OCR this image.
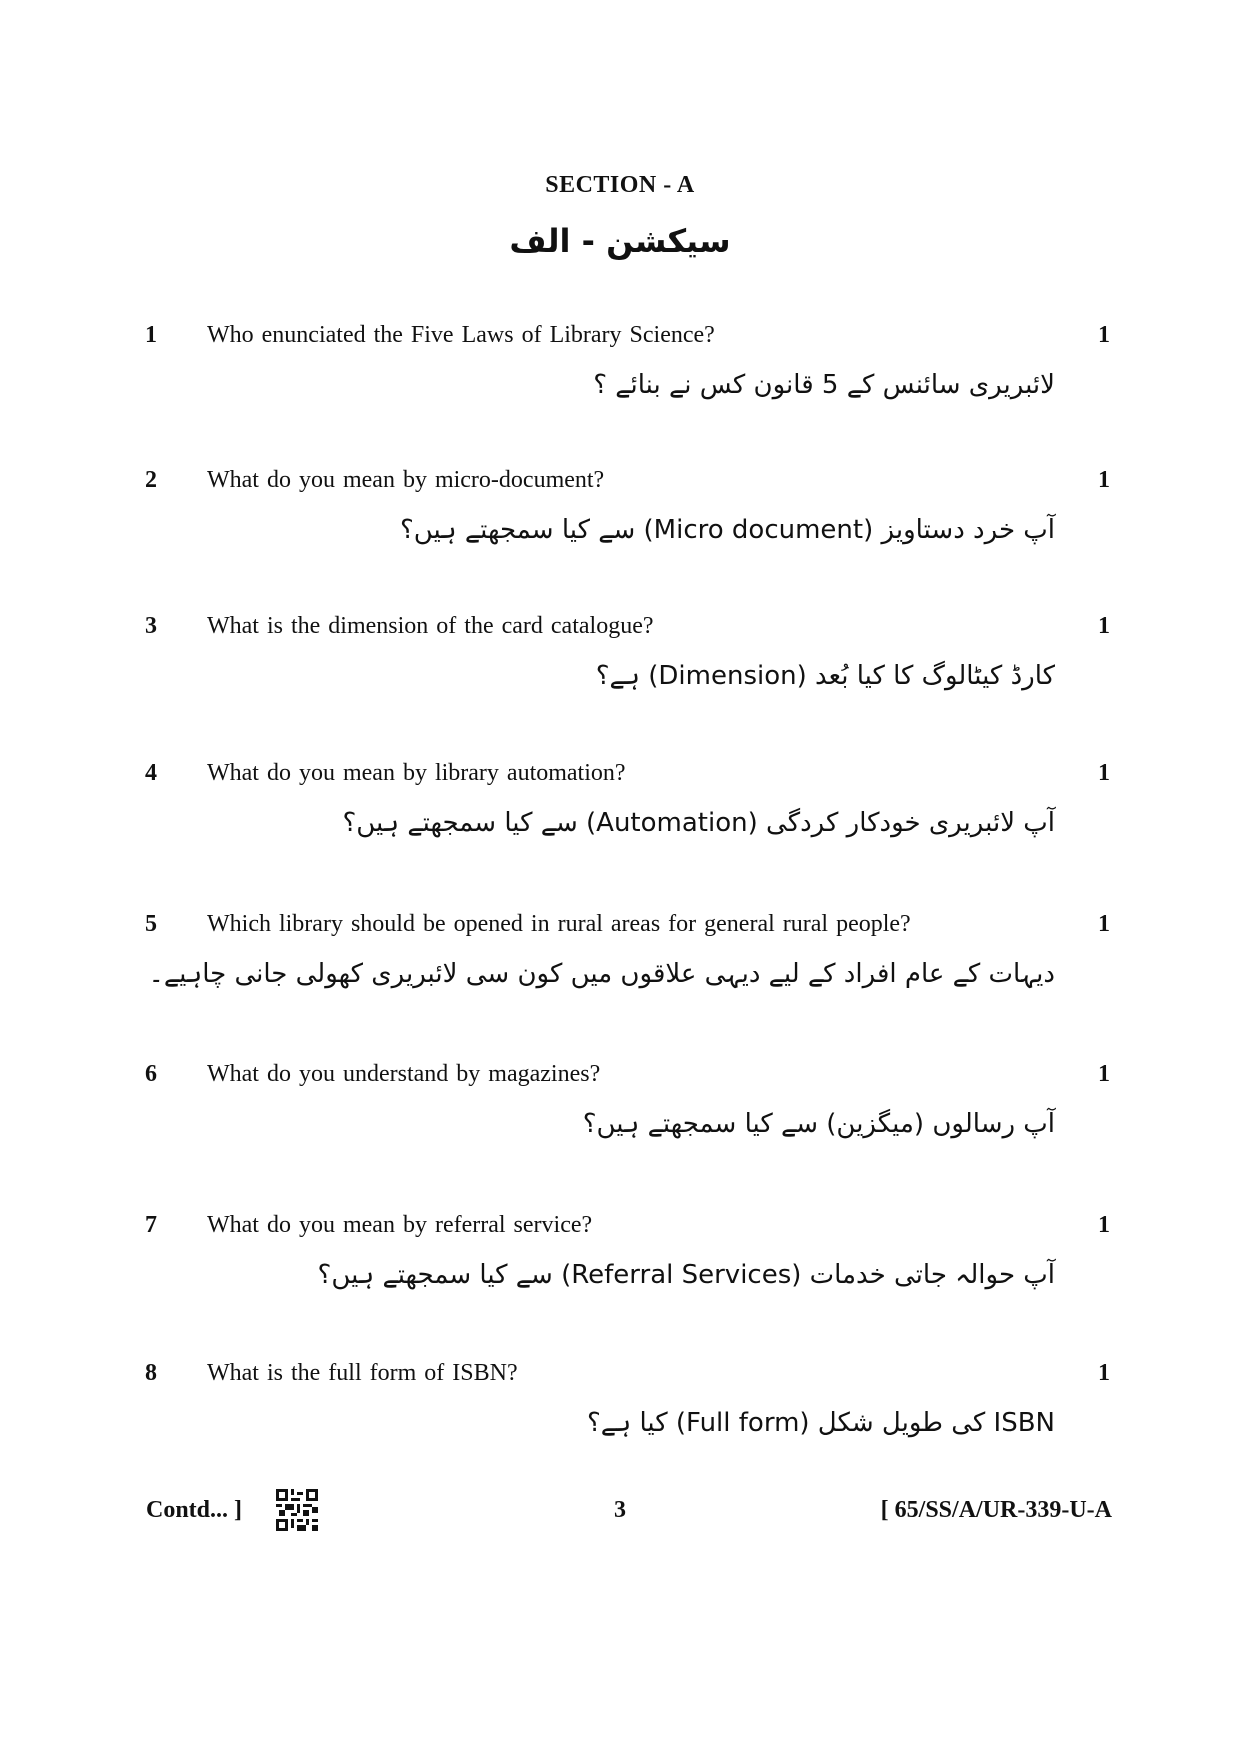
SECTION - A
سیکشن - الف
1 Who enunciated the Five Laws of Library Science?	1
لائبریری سائنس کے 5 قانون کس نے بنائے ؟
2 What do you mean by micro-document?	1
آپ خرد دستاویز (Micro document) سے کیا سمجھتے ہیں؟
3 What is the dimension of the card catalogue?	1
کارڈ کیٹالوگ کا کیا بُعد (Dimension) ہے؟
4 What do you mean by library automation?	1
آپ لائبریری خودکار کردگی (Automation) سے کیا سمجھتے ہیں؟
5 Which library should be opened in rural areas for general rural people?	1
دیہات کے عام افراد کے لیے دیہی علاقوں میں کون سی لائبریری کھولی جانی چاہیے۔
6 What do you understand by magazines?	1
آپ رسالوں (میگزین) سے کیا سمجھتے ہیں؟
7 What do you mean by referral service?	1
آپ حوالہ جاتی خدمات (Referral Services) سے کیا سمجھتے ہیں؟
8 What is the full form of ISBN?	1
ISBN کی طویل شکل (Full form) کیا ہے؟
Contd... ]	3	[ 65/SS/A/UR-339-U-A
